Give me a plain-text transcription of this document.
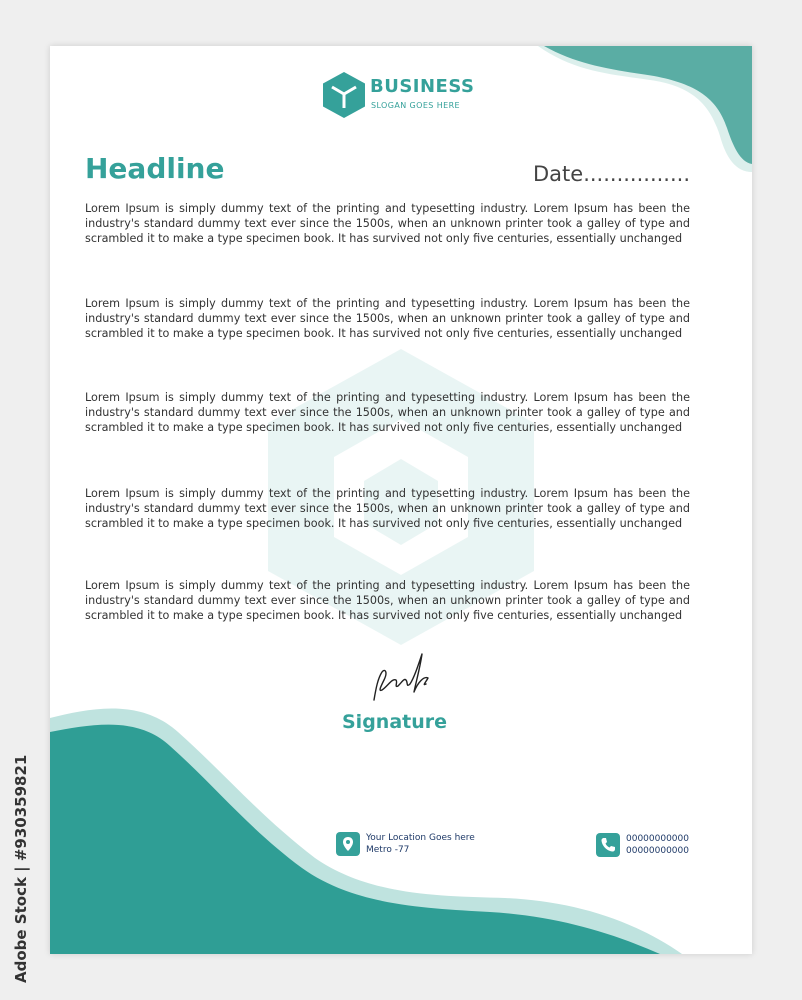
BUSINESS
SLOGAN GOES HERE
Headline	Date................

Lorem Ipsum is simply dummy text of the printing and typesetting industry. Lorem Ipsum has been the industry's standard dummy text ever since the 1500s, when an unknown printer took a galley of type and scrambled it to make a type specimen book. It has survived not only five centuries, essentially unchanged

Lorem Ipsum is simply dummy text of the printing and typesetting industry. Lorem Ipsum has been the industry's standard dummy text ever since the 1500s, when an unknown printer took a galley of type and scrambled it to make a type specimen book. It has survived not only five centuries, essentially unchanged

Lorem Ipsum is simply dummy text of the printing and typesetting industry. Lorem Ipsum has been the industry's standard dummy text ever since the 1500s, when an unknown printer took a galley of type and scrambled it to make a type specimen book. It has survived not only five centuries, essentially unchanged

Lorem Ipsum is simply dummy text of the printing and typesetting industry. Lorem Ipsum has been the industry's standard dummy text ever since the 1500s, when an unknown printer took a galley of type and scrambled it to make a type specimen book. It has survived not only five centuries, essentially unchanged

Lorem Ipsum is simply dummy text of the printing and typesetting industry. Lorem Ipsum has been the industry's standard dummy text ever since the 1500s, when an unknown printer took a galley of type and scrambled it to make a type specimen book. It has survived not only five centuries, essentially unchanged

Signature
Your Location Goes here
Metro -77
00000000000
00000000000
Adobe Stock | #930359821
